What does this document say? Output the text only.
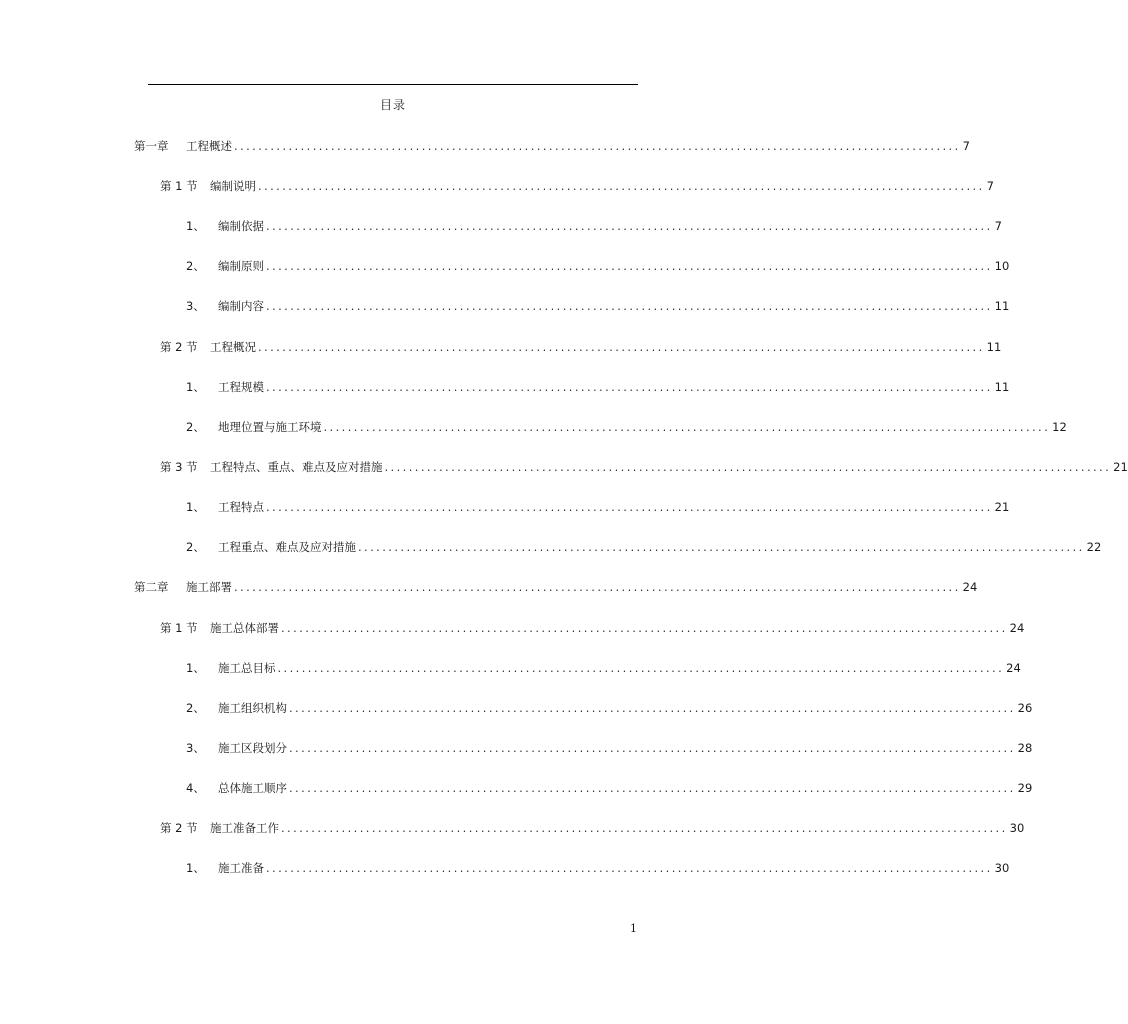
目录
第一章	工程概述 ........................................................................................................................ 7
第 1 节	编制说明 ........................................................................................................................ 7
1、	编制依据 ........................................................................................................................ 7
2、	编制原则 ........................................................................................................................ 10
3、	编制内容 ........................................................................................................................ 11
第 2 节	工程概况 ........................................................................................................................ 11
1、	工程规模 ........................................................................................................................ 11
2、	地理位置与施工环境 ........................................................................................................................ 12
第 3 节	工程特点、重点、难点及应对措施 ........................................................................................................................ 21
1、	工程特点 ........................................................................................................................ 21
2、	工程重点、难点及应对措施 ........................................................................................................................ 22
第二章	施工部署 ........................................................................................................................ 24
第 1 节	施工总体部署 ........................................................................................................................ 24
1、	施工总目标 ........................................................................................................................ 24
2、	施工组织机构 ........................................................................................................................ 26
3、	施工区段划分 ........................................................................................................................ 28
4、	总体施工顺序 ........................................................................................................................ 29
第 2 节	施工准备工作 ........................................................................................................................ 30
1、	施工准备 ........................................................................................................................ 30
1
